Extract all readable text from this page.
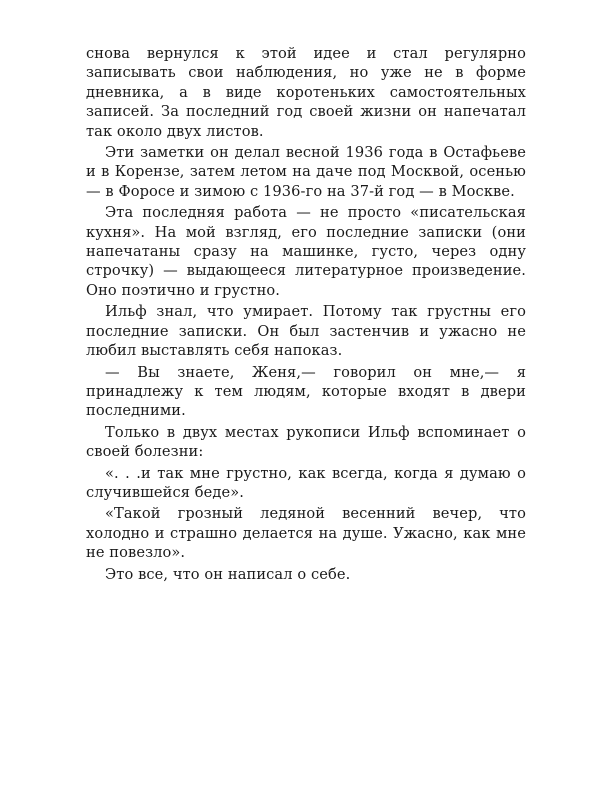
снова вернулся к этой идее и стал регулярно записывать свои наблюдения, но уже не в форме дневника, а в виде коротеньких самостоятельных записей. За последний год своей жизни он напечатал так около двух листов.

Эти заметки он делал весной 1936 года в Остафьеве и в Корензе, затем летом на даче под Москвой, осенью — в Форосе и зимою с 1936-го на 37-й год — в Москве.

Эта последняя работа — не просто «писательская кухня». На мой взгляд, его последние записки (они напечатаны сразу на машинке, густо, через одну строчку) — выдающееся литературное произведение. Оно поэтично и грустно.

Ильф знал, что умирает. Потому так грустны его последние записки. Он был застенчив и ужасно не любил выставлять себя напоказ.

— Вы знаете, Женя,— говорил он мне,— я принадлежу к тем людям, которые входят в двери последними.

Только в двух местах рукописи Ильф вспоминает о своей болезни:

«. . .и так мне грустно, как всегда, когда я думаю о случившейся беде».

«Такой грозный ледяной весенний вечер, что холодно и страшно делается на душе. Ужасно, как мне не повезло».

Это все, что он написал о себе.
